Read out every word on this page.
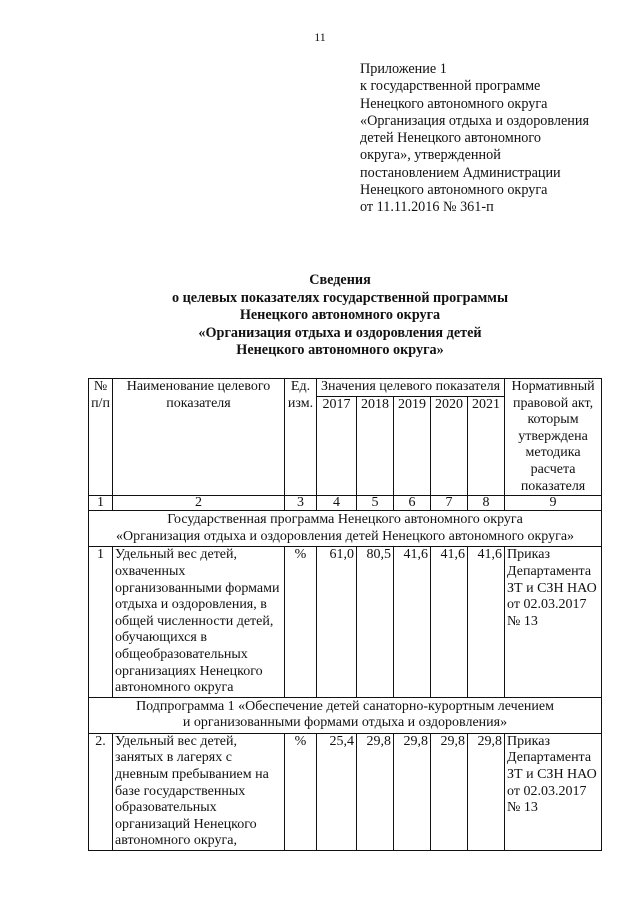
11
Приложение 1
к государственной программе
Ненецкого автономного округа
«Организация отдыха и оздоровления
детей Ненецкого автономного
округа», утвержденной
постановлением Администрации
Ненецкого автономного округа
от 11.11.2016 № 361-п
Сведения
о целевых показателях государственной программы
Ненецкого автономного округа
«Организация отдыха и оздоровления детей
Ненецкого автономного округа»
№ п/п	Наименование целевого показателя	Ед. изм.	Значения целевого показателя					Нормативный правовой акт, которым утверждена методика расчета показателя
			2017	2018	2019	2020	2021	
1	2	3	4	5	6	7	8	9

Государственная программа Ненецкого автономного округа
«Организация отдыха и оздоровления детей Ненецкого автономного округа»								

1	Удельный вес детей, охваченных организованными формами отдыха и оздоровления, в общей численности детей, обучающихся в общеобразовательных организациях Ненецкого автономного округа	%	61,0	80,5	41,6	41,6	41,6	Приказ Департамента ЗТ и СЗН НАО от 02.03.2017 № 13

Подпрограмма 1 «Обеспечение детей санаторно-курортным лечением
и организованными формами отдыха и оздоровления»								

2.	Удельный вес детей, занятых в лагерях с дневным пребыванием на базе государственных образовательных организаций Ненецкого автономного округа,	%	25,4	29,8	29,8	29,8	29,8	Приказ Департамента ЗТ и СЗН НАО от 02.03.2017 № 13
